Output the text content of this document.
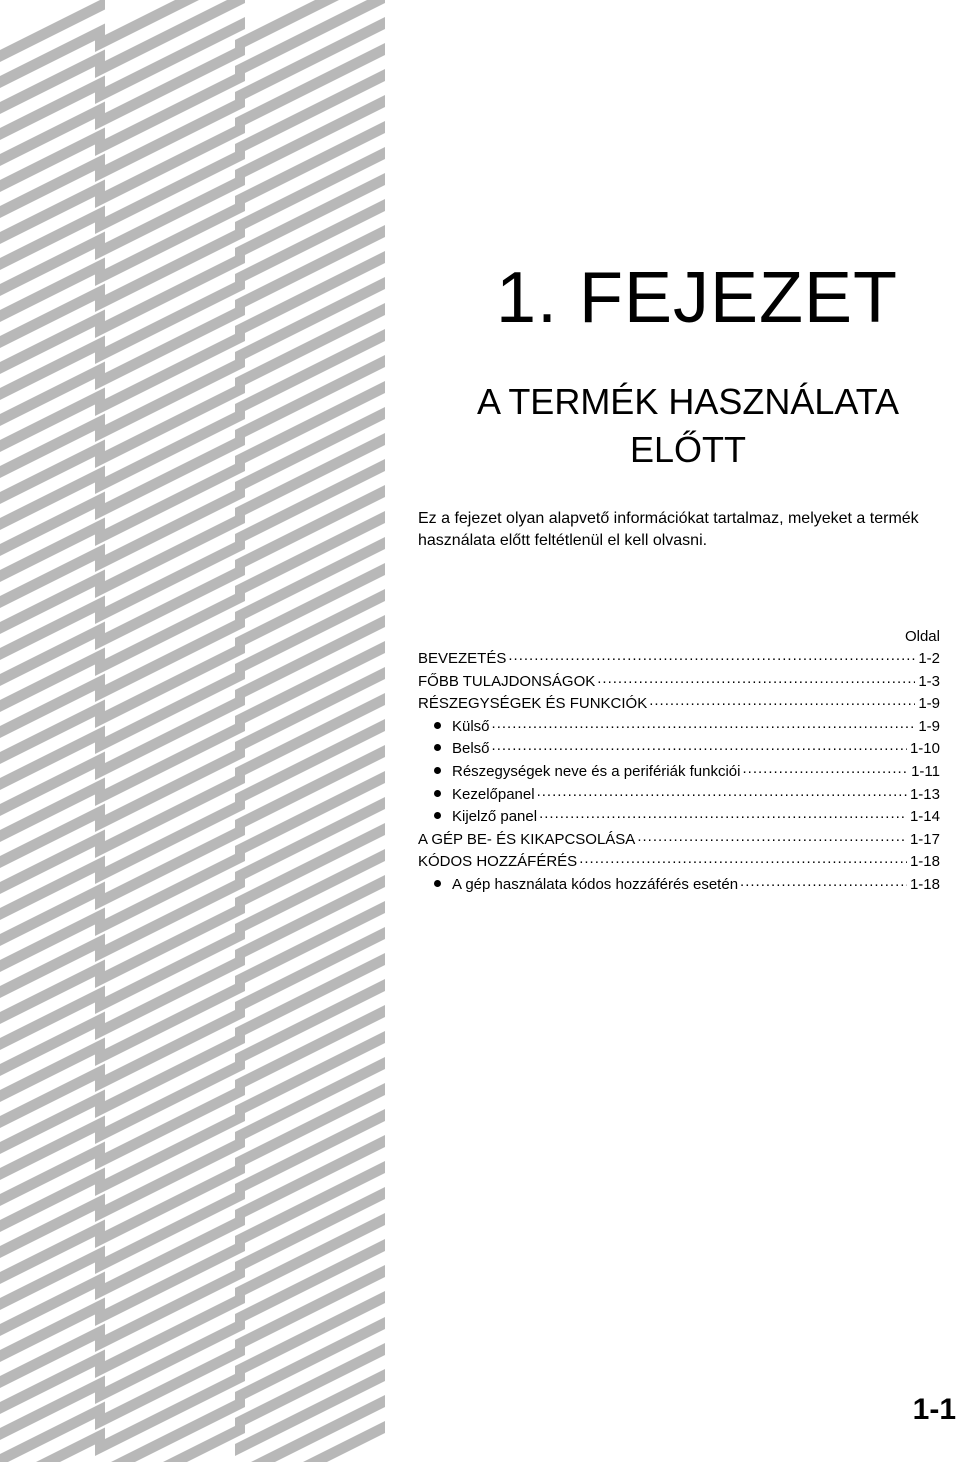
1. FEJEZET
A TERMÉK HASZNÁLATA
ELŐTT
Ez a fejezet olyan alapvető információkat tartalmaz, melyeket a termék
használata előtt feltétlenül el kell olvasni.
Oldal
BEVEZETÉS .....	1-2
FŐBB TULAJDONSÁGOK .....	1-3
RÉSZEGYSÉGEK ÉS FUNKCIÓK .....	1-9
Külső .....	1-9
Belső .....	1-10
Részegységek neve és a perifériák funkciói .....	1-11
Kezelőpanel .....	1-13
Kijelző panel .....	1-14
A GÉP BE- ÉS KIKAPCSOLÁSA .....	1-17
KÓDOS HOZZÁFÉRÉS .....	1-18
A gép használata kódos hozzáférés esetén .....	1-18
1-1
